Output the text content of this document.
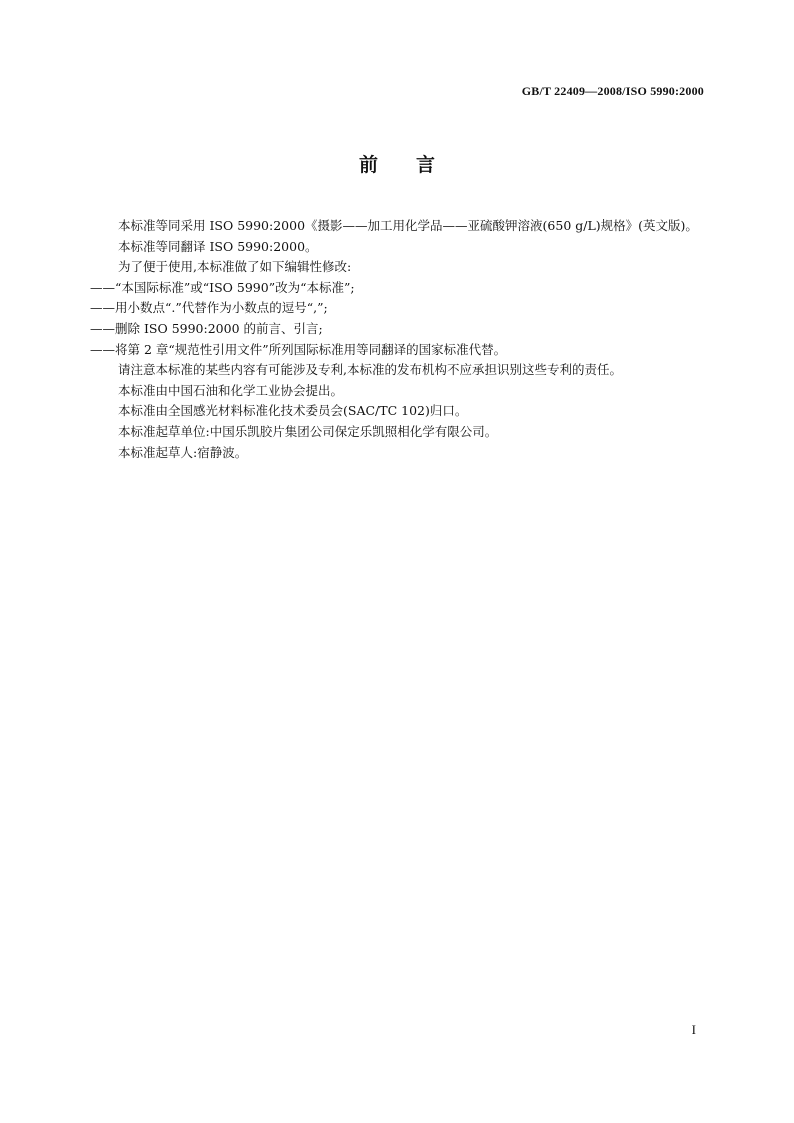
GB/T 22409—2008/ISO 5990:2000
前言

本标准等同采用 ISO 5990:2000《摄影——加工用化学品——亚硫酸钾溶液(650 g/L)规格》(英文版)。

本标准等同翻译 ISO 5990:2000。

为了便于使用,本标准做了如下编辑性修改:

——“本国际标准”或“ISO 5990”改为“本标准”;

——用小数点“.”代替作为小数点的逗号“,”;

——删除 ISO 5990:2000 的前言、引言;

——将第 2 章“规范性引用文件”所列国际标准用等同翻译的国家标准代替。

请注意本标准的某些内容有可能涉及专利,本标准的发布机构不应承担识别这些专利的责任。

本标准由中国石油和化学工业协会提出。

本标准由全国感光材料标准化技术委员会(SAC/TC 102)归口。

本标准起草单位:中国乐凯胶片集团公司保定乐凯照相化学有限公司。

本标准起草人:宿静波。

I
